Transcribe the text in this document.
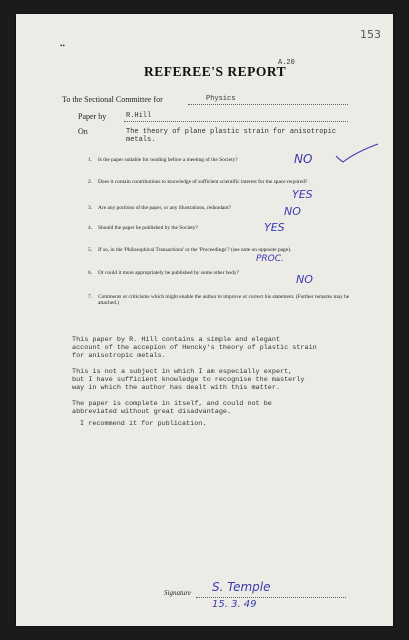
153
••
A.20
REFEREE'S REPORT
To the Sectional Committee for	Physics
Paper by	R.Hill
On	The theory of plane plastic strain for anisotropic
metals.
1. Is the paper suitable for reading before a meeting of the Society?	NO
2. Does it contain contributions to knowledge of sufficient scientific interest for the space required?
YES
3. Are any portions of the paper, or any illustrations, redundant?	NO
4. Should the paper be published by the Society?	YES
5. If so, in the 'Philosophical Transactions' or the 'Proceedings'? (see note on opposite page).
PROC.
6. Or could it more appropriately be published by some other body?	NO
7. Comments or criticisms which might enable the author to improve or correct his statement. (Further remarks may be attached.)
This paper by R. Hill contains a simple and elegant
account of the accepion of Hencky's theory of plastic strain
for anisotropic metals.
This is not a subject in which I am especially expert,
but I have sufficient knowledge to recognise the masterly
way in which the author has dealt with this matter.
The paper is complete in itself, and could not be
abbreviated without great disadvantage.
I recommend it for publication.
Signature S. Temple
15. 3. 49
